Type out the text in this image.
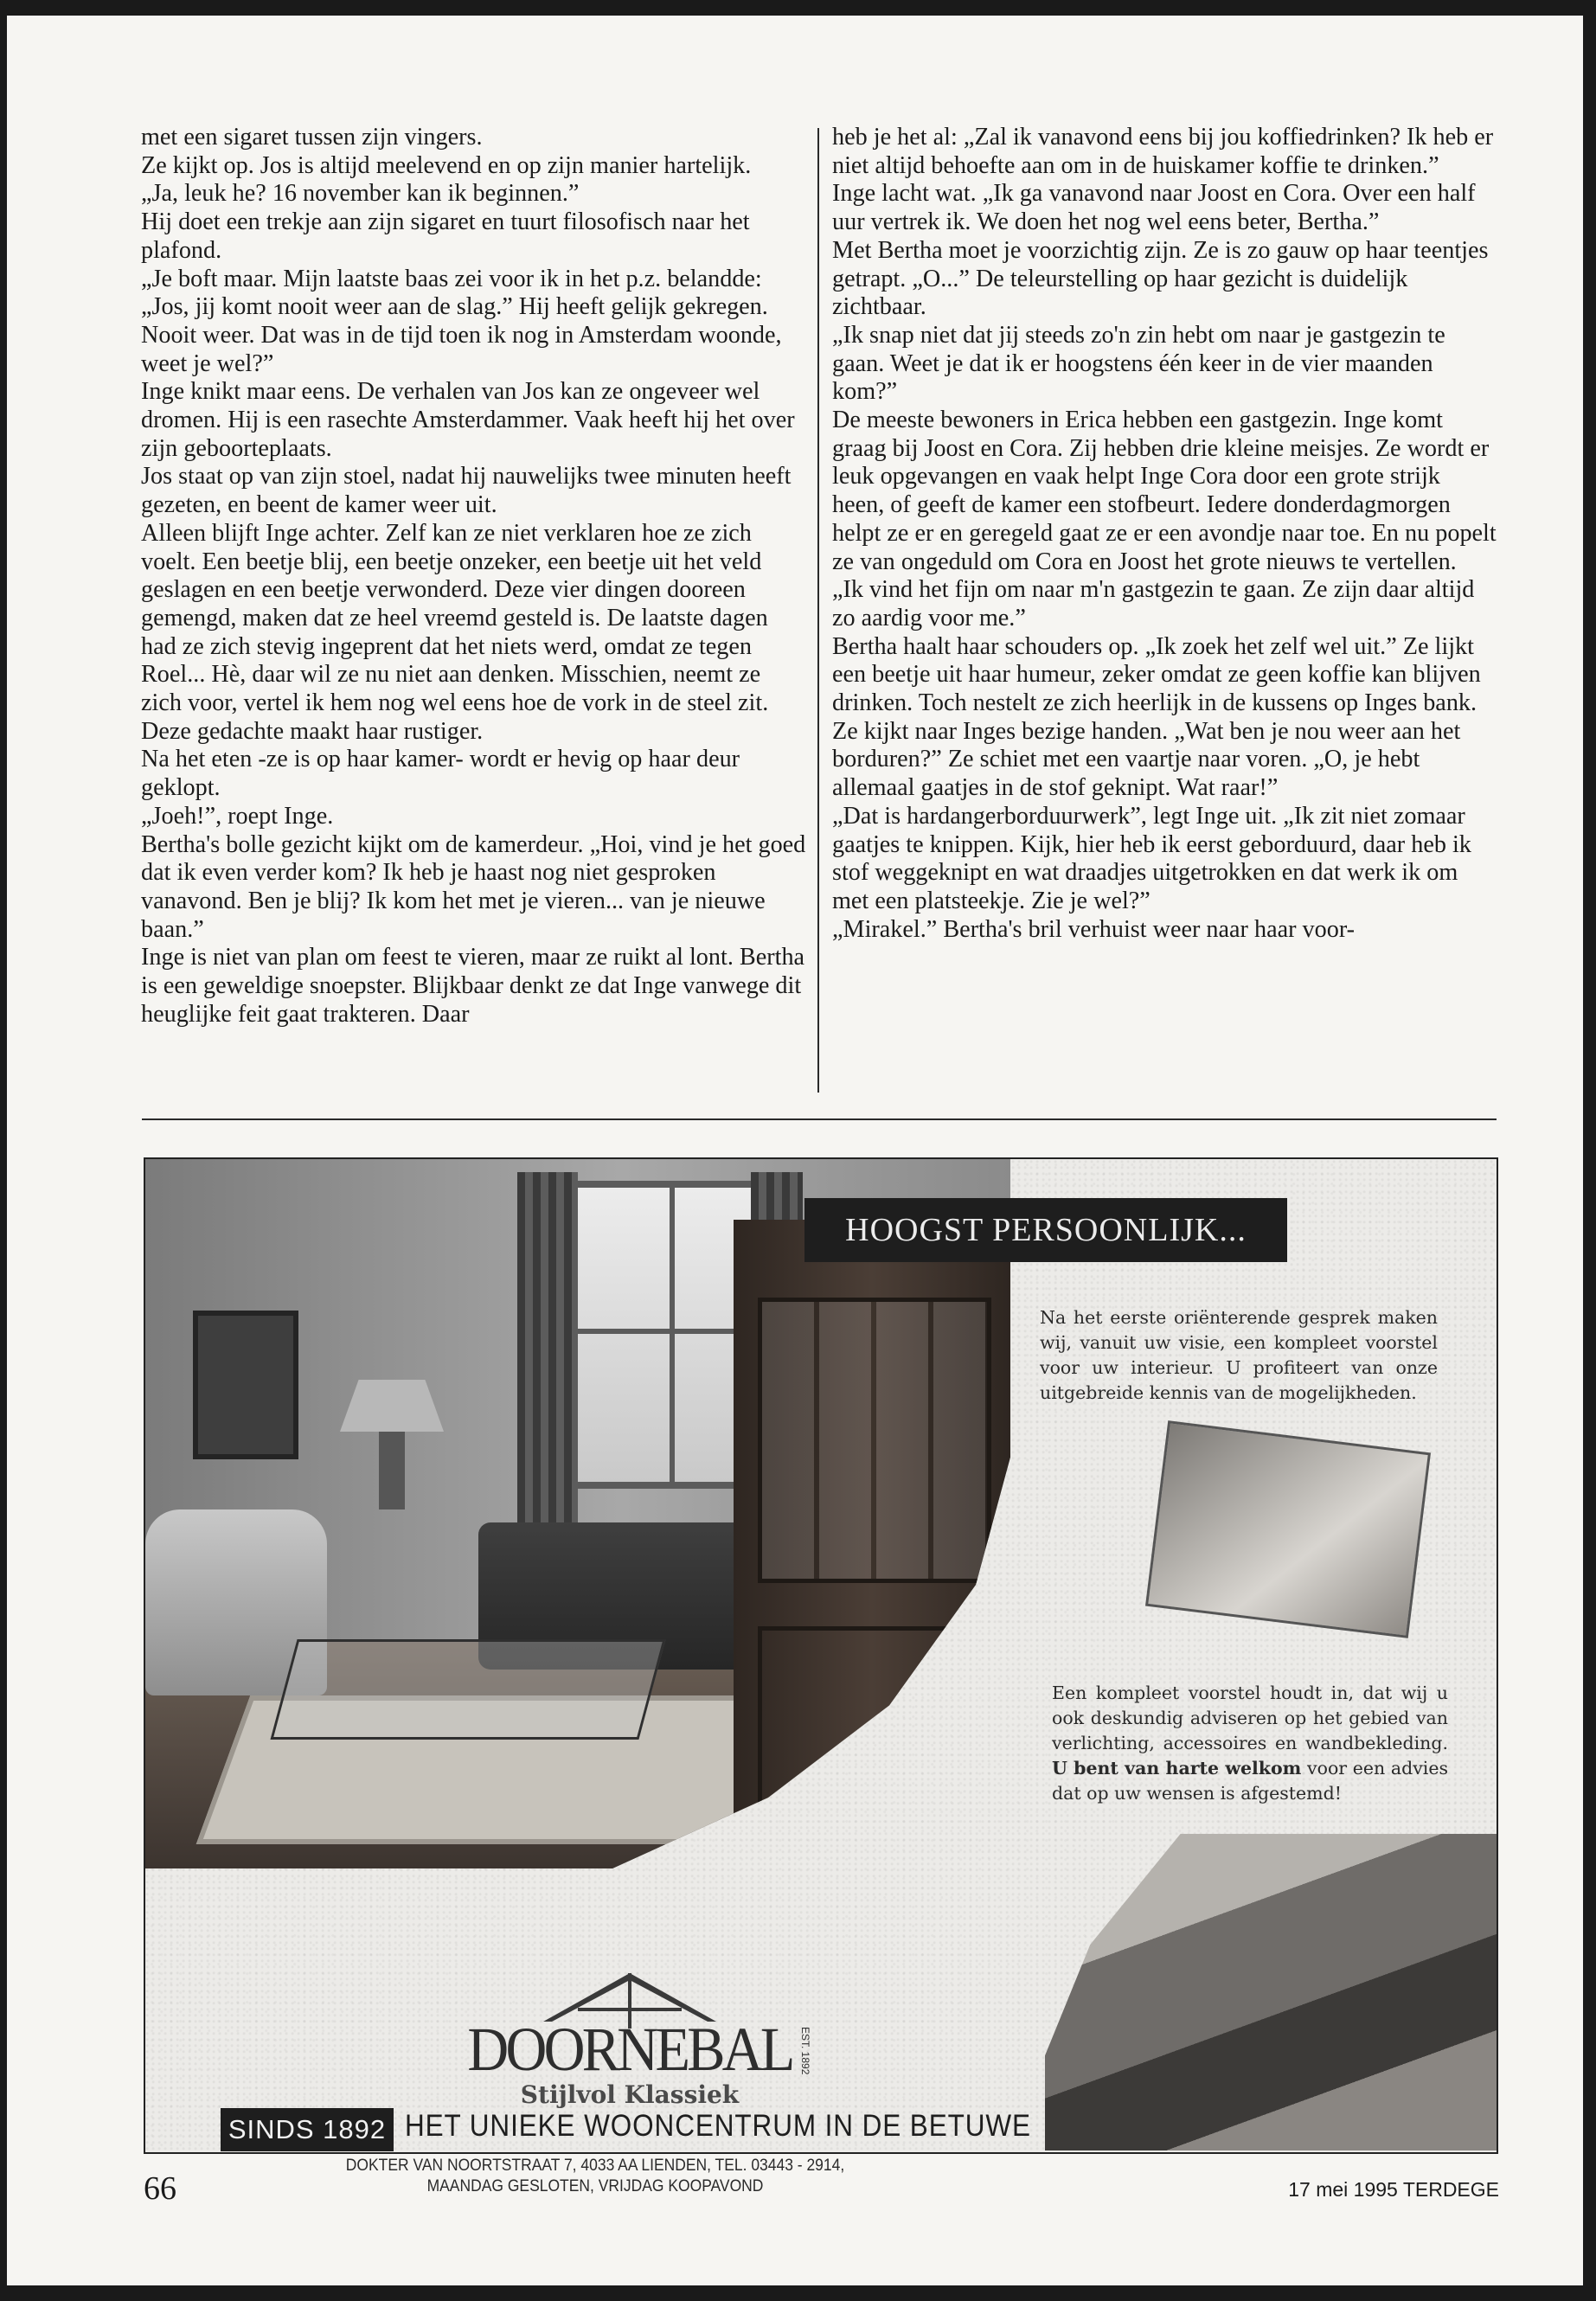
met een sigaret tussen zijn vingers.

Ze kijkt op. Jos is altijd meelevend en op zijn manier hartelijk.

„Ja, leuk he? 16 november kan ik beginnen.”

Hij doet een trekje aan zijn sigaret en tuurt filosofisch naar het plafond.

„Je boft maar. Mijn laatste baas zei voor ik in het p.z. belandde: „Jos, jij komt nooit weer aan de slag.” Hij heeft gelijk gekregen. Nooit weer. Dat was in de tijd toen ik nog in Amsterdam woonde, weet je wel?”

Inge knikt maar eens. De verhalen van Jos kan ze ongeveer wel dromen. Hij is een rasechte Amsterdammer. Vaak heeft hij het over zijn geboorteplaats.

Jos staat op van zijn stoel, nadat hij nauwelijks twee minuten heeft gezeten, en beent de kamer weer uit.

Alleen blijft Inge achter. Zelf kan ze niet verklaren hoe ze zich voelt. Een beetje blij, een beetje onzeker, een beetje uit het veld geslagen en een beetje verwonderd. Deze vier dingen dooreen gemengd, maken dat ze heel vreemd gesteld is. De laatste dagen had ze zich stevig ingeprent dat het niets werd, omdat ze tegen Roel... Hè, daar wil ze nu niet aan denken. Misschien, neemt ze zich voor, vertel ik hem nog wel eens hoe de vork in de steel zit. Deze gedachte maakt haar rustiger.

Na het eten -ze is op haar kamer- wordt er hevig op haar deur geklopt.

„Joeh!”, roept Inge.

Bertha's bolle gezicht kijkt om de kamerdeur. „Hoi, vind je het goed dat ik even verder kom? Ik heb je haast nog niet gesproken vanavond. Ben je blij? Ik kom het met je vieren... van je nieuwe baan.”

Inge is niet van plan om feest te vieren, maar ze ruikt al lont. Bertha is een geweldige snoepster. Blijkbaar denkt ze dat Inge vanwege dit heuglijke feit gaat trakteren. Daar

heb je het al: „Zal ik vanavond eens bij jou koffiedrinken? Ik heb er niet altijd behoefte aan om in de huiskamer koffie te drinken.”

Inge lacht wat. „Ik ga vanavond naar Joost en Cora. Over een half uur vertrek ik. We doen het nog wel eens beter, Bertha.”

Met Bertha moet je voorzichtig zijn. Ze is zo gauw op haar teentjes getrapt. „O...” De teleurstelling op haar gezicht is duidelijk zichtbaar.

„Ik snap niet dat jij steeds zo'n zin hebt om naar je gastgezin te gaan. Weet je dat ik er hoogstens één keer in de vier maanden kom?”

De meeste bewoners in Erica hebben een gastgezin. Inge komt graag bij Joost en Cora. Zij hebben drie kleine meisjes. Ze wordt er leuk opgevangen en vaak helpt Inge Cora door een grote strijk heen, of geeft de kamer een stofbeurt. Iedere donderdagmorgen helpt ze er en geregeld gaat ze er een avondje naar toe. En nu popelt ze van ongeduld om Cora en Joost het grote nieuws te vertellen.

„Ik vind het fijn om naar m'n gastgezin te gaan. Ze zijn daar altijd zo aardig voor me.”

Bertha haalt haar schouders op. „Ik zoek het zelf wel uit.” Ze lijkt een beetje uit haar humeur, zeker omdat ze geen koffie kan blijven drinken. Toch nestelt ze zich heerlijk in de kussens op Inges bank. Ze kijkt naar Inges bezige handen. „Wat ben je nou weer aan het borduren?” Ze schiet met een vaartje naar voren. „O, je hebt allemaal gaatjes in de stof geknipt. Wat raar!”

„Dat is hardangerborduurwerk”, legt Inge uit. „Ik zit niet zomaar gaatjes te knippen. Kijk, hier heb ik eerst geborduurd, daar heb ik stof weggeknipt en wat draadjes uitgetrokken en dat werk ik om met een platsteekje. Zie je wel?”

„Mirakel.” Bertha's bril verhuist weer naar haar voor-

HOOGST PERSOONLIJK...

Na het eerste oriënterende gesprek maken wij, vanuit uw visie, een kompleet voorstel voor uw interieur. U profiteert van onze uitgebreide kennis van de mogelijkheden.

Een kompleet voorstel houdt in, dat wij u ook deskundig adviseren op het gebied van verlichting, accessoires en wandbekleding. U bent van harte welkom voor een advies dat op uw wensen is afgestemd!

DOORNEBAL EST. 1892
Stijlvol Klassiek
SINDS 1892 HET UNIEKE WOONCENTRUM IN DE BETUWE
DOKTER VAN NOORTSTRAAT 7, 4033 AA LIENDEN, TEL. 03443 - 2914,
MAANDAG GESLOTEN, VRIJDAG KOOPAVOND
66	17 mei 1995 TERDEGE
